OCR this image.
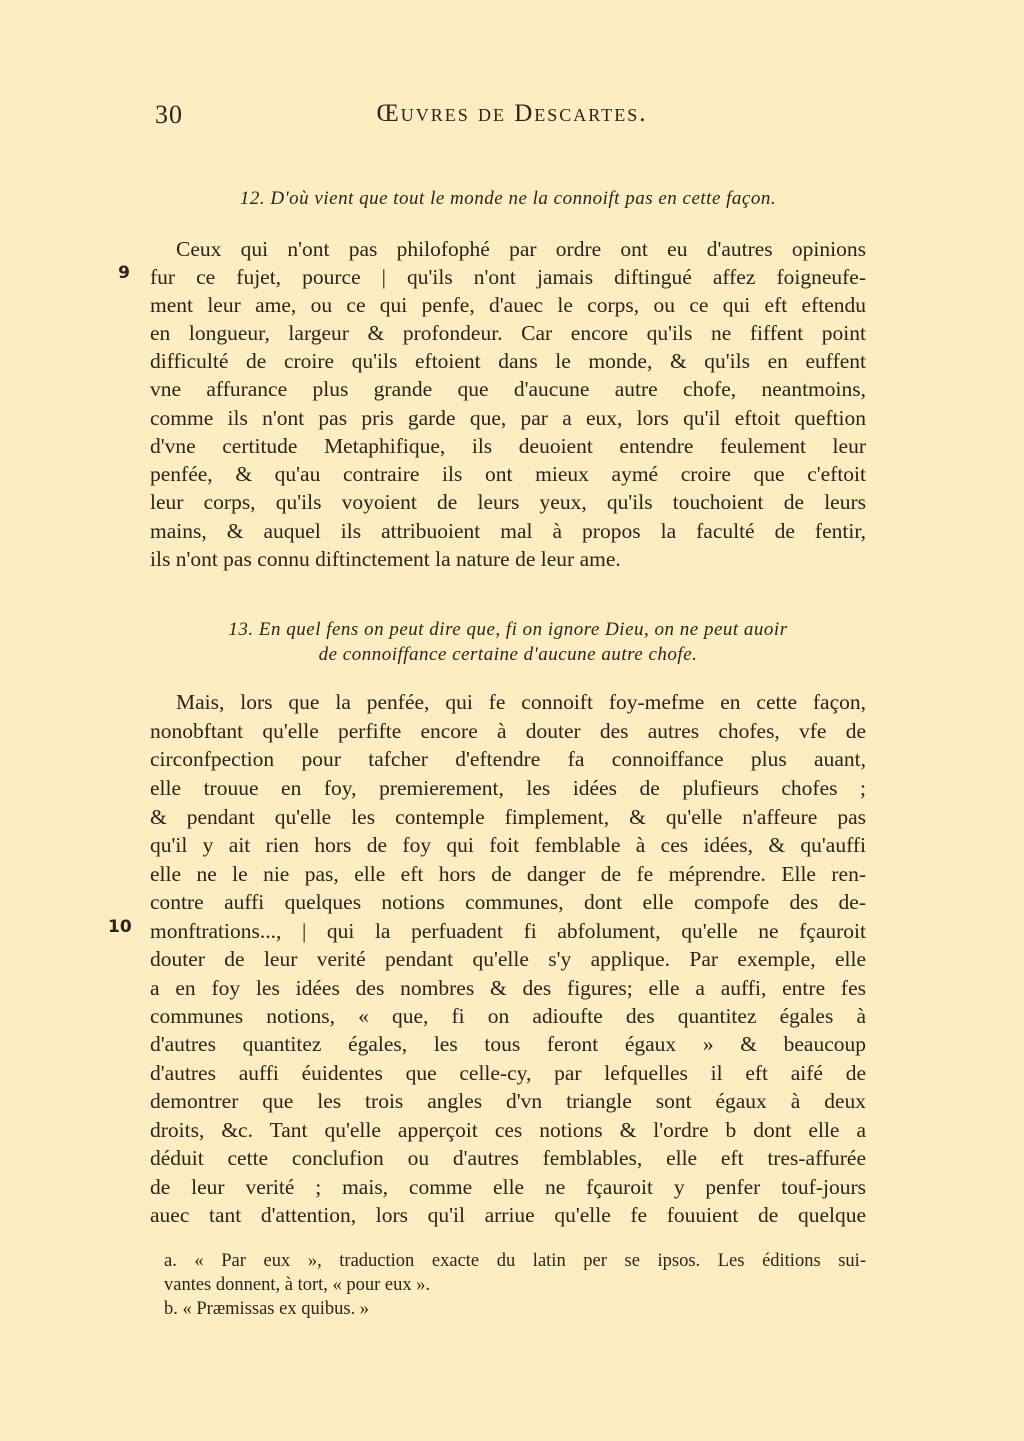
30	Œuvres de Descartes.
12. D'où vient que tout le monde ne la connoift pas en cette façon.
9
Ceux qui n'ont pas philofophé par ordre ont eu d'autres opinions
fur ce fujet, pource | qu'ils n'ont jamais diftingué affez foigneufe-
ment leur ame, ou ce qui penfe, d'auec le corps, ou ce qui eft eftendu
en longueur, largeur & profondeur. Car encore qu'ils ne fiffent point
difficulté de croire qu'ils eftoient dans le monde, & qu'ils en euffent
vne affurance plus grande que d'aucune autre chofe, neantmoins,
comme ils n'ont pas pris garde que, par a eux, lors qu'il eftoit queftion
d'vne certitude Metaphifique, ils deuoient entendre feulement leur
penfée, & qu'au contraire ils ont mieux aymé croire que c'eftoit
leur corps, qu'ils voyoient de leurs yeux, qu'ils touchoient de leurs
mains, & auquel ils attribuoient mal à propos la faculté de fentir,
ils n'ont pas connu diftinctement la nature de leur ame.
13. En quel fens on peut dire que, fi on ignore Dieu, on ne peut auoir
de connoiffance certaine d'aucune autre chofe.
10
Mais, lors que la penfée, qui fe connoift foy-mefme en cette façon,
nonobftant qu'elle perfifte encore à douter des autres chofes, vfe de
circonfpection pour tafcher d'eftendre fa connoiffance plus auant,
elle trouue en foy, premierement, les idées de plufieurs chofes ;
& pendant qu'elle les contemple fimplement, & qu'elle n'affeure pas
qu'il y ait rien hors de foy qui foit femblable à ces idées, & qu'auffi
elle ne le nie pas, elle eft hors de danger de fe méprendre. Elle ren-
contre auffi quelques notions communes, dont elle compofe des de-
monftrations..., | qui la perfuadent fi abfolument, qu'elle ne fçauroit
douter de leur verité pendant qu'elle s'y applique. Par exemple, elle
a en foy les idées des nombres & des figures; elle a auffi, entre fes
communes notions, « que, fi on adioufte des quantitez égales à
d'autres quantitez égales, les tous feront égaux » & beaucoup
d'autres auffi éuidentes que celle-cy, par lefquelles il eft aifé de
demontrer que les trois angles d'vn triangle sont égaux à deux
droits, &c. Tant qu'elle apperçoit ces notions & l'ordre b dont elle a
déduit cette conclufion ou d'autres femblables, elle eft tres-affurée
de leur verité ; mais, comme elle ne fçauroit y penfer touf-jours
auec tant d'attention, lors qu'il arriue qu'elle fe fouuient de quelque
a. « Par eux », traduction exacte du latin per se ipsos. Les éditions sui-
vantes donnent, à tort, « pour eux ».
b. « Præmissas ex quibus. »
